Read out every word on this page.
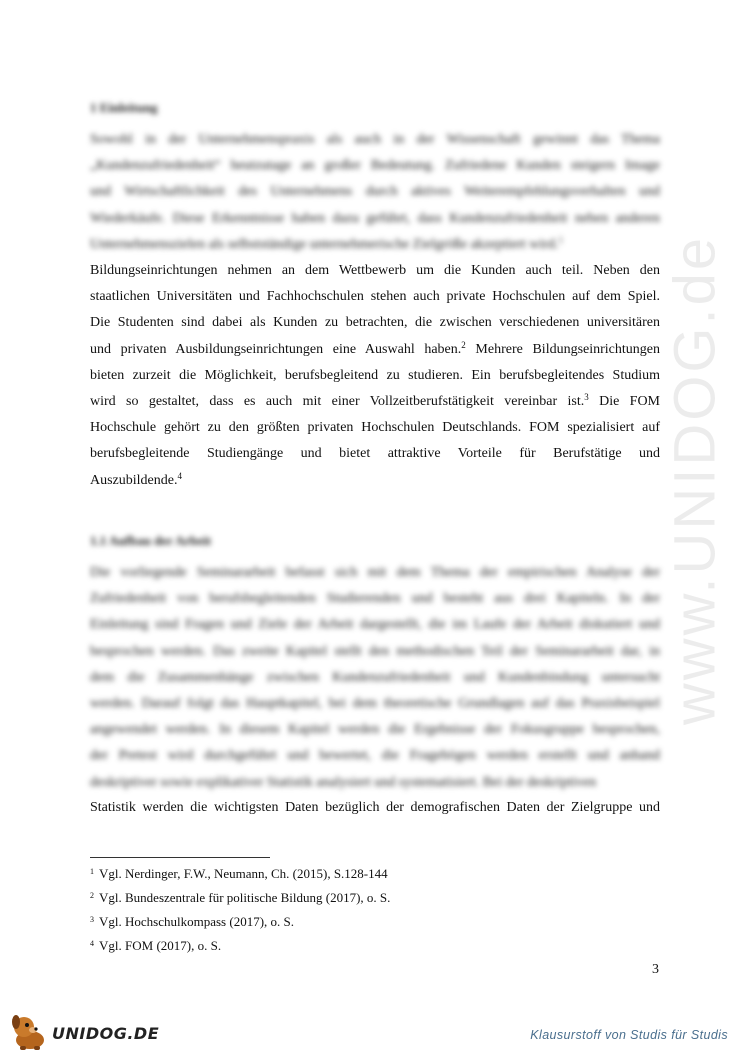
www.UNIDOG.de
1 Einleitung

Sowohl in der Unternehmenspraxis als auch in der Wissenschaft gewinnt das Thema
„Kundenzufriedenheit“ heutzutage an großer Bedeutung. Zufriedene Kunden steigern Image
und Wirtschaftlichkeit des Unternehmens durch aktives Weiterempfehlungsverhalten und
Wiederkäufe. Diese Erkenntnisse haben dazu geführt, dass Kundenzufriedenheit neben anderen
Unternehmenszielen als selbstständige unternehmerische Zielgröße akzeptiert wird.$^1$

Bildungseinrichtungen nehmen an dem Wettbewerb um die Kunden auch teil. Neben den
staatlichen Universitäten und Fachhochschulen stehen auch private Hochschulen auf dem Spiel.
Die Studenten sind dabei als Kunden zu betrachten, die zwischen verschiedenen universitären
und privaten Ausbildungseinrichtungen eine Auswahl haben.$^2$ Mehrere Bildungseinrichtungen
bieten zurzeit die Möglichkeit, berufsbegleitend zu studieren. Ein berufsbegleitendes Studium
wird so gestaltet, dass es auch mit einer Vollzeitberufstätigkeit vereinbar ist.$^3$ Die FOM
Hochschule gehört zu den größten privaten Hochschulen Deutschlands. FOM spezialisiert auf
berufsbegleitende Studiengänge und bietet attraktive Vorteile für Berufstätige und
Auszubildende.$^4$

1.1 Aufbau der Arbeit

Die vorliegende Seminararbeit befasst sich mit dem Thema der empirischen Analyse der
Zufriedenheit von berufsbegleitenden Studierenden und besteht aus drei Kapiteln. In der
Einleitung sind Fragen und Ziele der Arbeit dargestellt, die im Laufe der Arbeit diskutiert und
besprochen werden. Das zweite Kapitel stellt den methodischen Teil der Seminararbeit dar, in
dem die Zusammenhänge zwischen Kundenzufriedenheit und Kundenbindung untersucht
werden. Darauf folgt das Hauptkapitel, bei dem theoretische Grundlagen auf das Praxisbeispiel
angewendet werden. In diesem Kapitel werden die Ergebnisse der Fokusgruppe besprochen,
der Pretest wird durchgeführt und bewertet, die Fragebögen werden erstellt und anhand
deskriptiver sowie explikativer Statistik analysiert und systematisiert. Bei der deskriptiven

Statistik werden die wichtigsten Daten bezüglich der demografischen Daten der Zielgruppe und

$^1$ Vgl. Nerdinger, F.W., Neumann, Ch. (2015), S.128-144
$^2$ Vgl. Bundeszentrale für politische Bildung (2017), o. S.
$^3$ Vgl. Hochschulkompass (2017), o. S.
$^4$ Vgl. FOM (2017), o. S.
3
UNIDOG.DE	Klausurstoff von Studis für Studis
